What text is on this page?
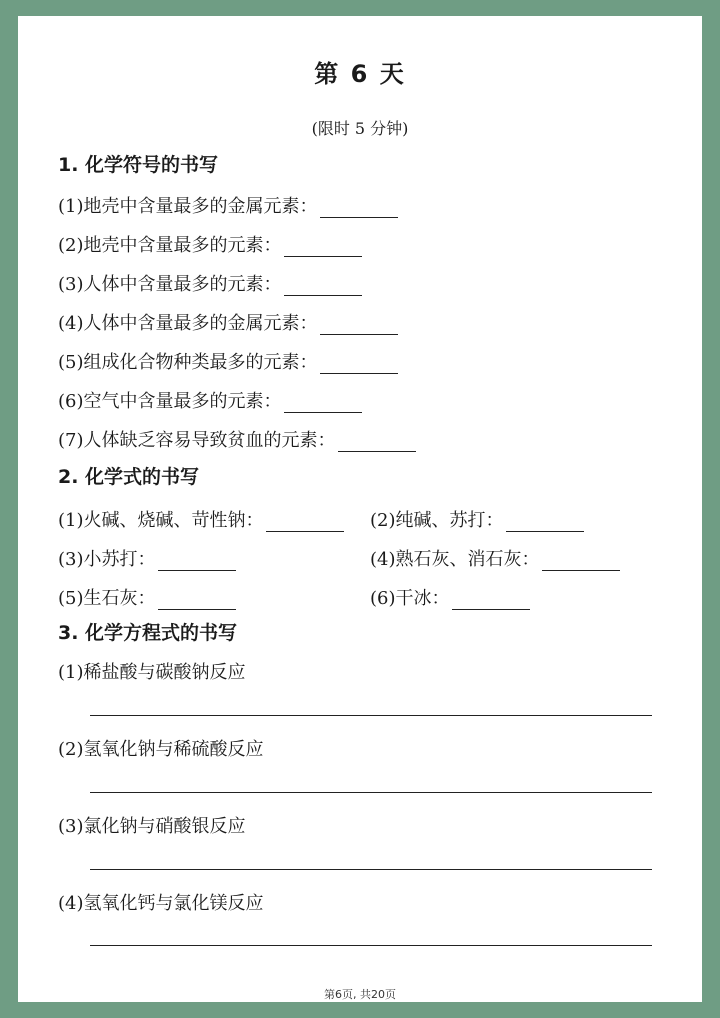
第 6 天
(限时 5 分钟)
1. 化学符号的书写
(1)地壳中含量最多的金属元素：
(2)地壳中含量最多的元素：
(3)人体中含量最多的元素：
(4)人体中含量最多的金属元素：
(5)组成化合物种类最多的元素：
(6)空气中含量最多的元素：
(7)人体缺乏容易导致贫血的元素：
2. 化学式的书写
(1)火碱、烧碱、苛性钠：	(2)纯碱、苏打：
(3)小苏打：	(4)熟石灰、消石灰：
(5)生石灰：	(6)干冰：
3. 化学方程式的书写
(1)稀盐酸与碳酸钠反应
(2)氢氧化钠与稀硫酸反应
(3)氯化钠与硝酸银反应
(4)氢氧化钙与氯化镁反应
第6页, 共20页
